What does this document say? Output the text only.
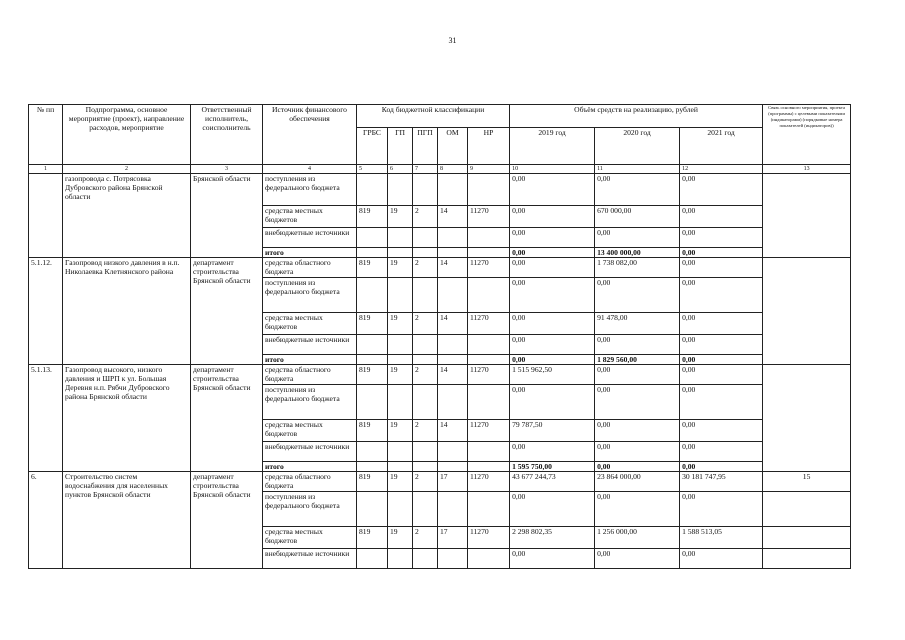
31
№ пп	Подпрограмма, основное мероприятие (проект), направление расходов, мероприятие	Ответственный исполнитель, соисполнитель	Источник финансового обеспечения	Код бюджетной классификации					Объём средств на реализацию, рублей			Связь основного мероприятия, проекта (программы) с целевыми показателями (индикаторами) (порядковые номера показателей (индикаторов))
				ГРБС	ГП	ПГП	ОМ	НР	2019 год	2020 год	2021 год	
1	2	3	4	5	6	7	8	9	10	11	12	13
	газопровода с. Потрясовка Дубровского района Брянской области	Брянской области	поступления из федерального бюджета						0,00	0,00	0,00	
			средства местных бюджетов	819	19	2	14	11270	0,00	670 000,00	0,00	
			внебюджетные источники						0,00	0,00	0,00	
			итого						0,00	13 400 000,00	0,00	
5.1.12.	Газопровод низкого давления в н.п. Николаевка Клетнянского района	департамент строительства Брянской области	средства областного бюджета	819	19	2	14	11270	0,00	1 738 082,00	0,00	
			поступления из федерального бюджета						0,00	0,00	0,00	
			средства местных бюджетов	819	19	2	14	11270	0,00	91 478,00	0,00	
			внебюджетные источники						0,00	0,00	0,00	
			итого						0,00	1 829 560,00	0,00	
5.1.13.	Газопровод высокого, низкого давления и ШРП к ул. Большая Деревня н.п. Рябчи Дубровского района Брянской области	департамент строительства Брянской области	средства областного бюджета	819	19	2	14	11270	1 515 962,50	0,00	0,00	
			поступления из федерального бюджета						0,00	0,00	0,00	
			средства местных бюджетов	819	19	2	14	11270	79 787,50	0,00	0,00	
			внебюджетные источники						0,00	0,00	0,00	
			итого						1 595 750,00	0,00	0,00	
6.	Строительство систем водоснабжения для населенных пунктов Брянской области	департамент строительства Брянской области	средства областного бюджета	819	19	2	17	11270	43 677 244,73	23 864 000,00	30 181 747,95	15
			поступления из федерального бюджета						0,00	0,00	0,00	
			средства местных бюджетов	819	19	2	17	11270	2 298 802,35	1 256 000,00	1 588 513,05	
			внебюджетные источники						0,00	0,00	0,00	
